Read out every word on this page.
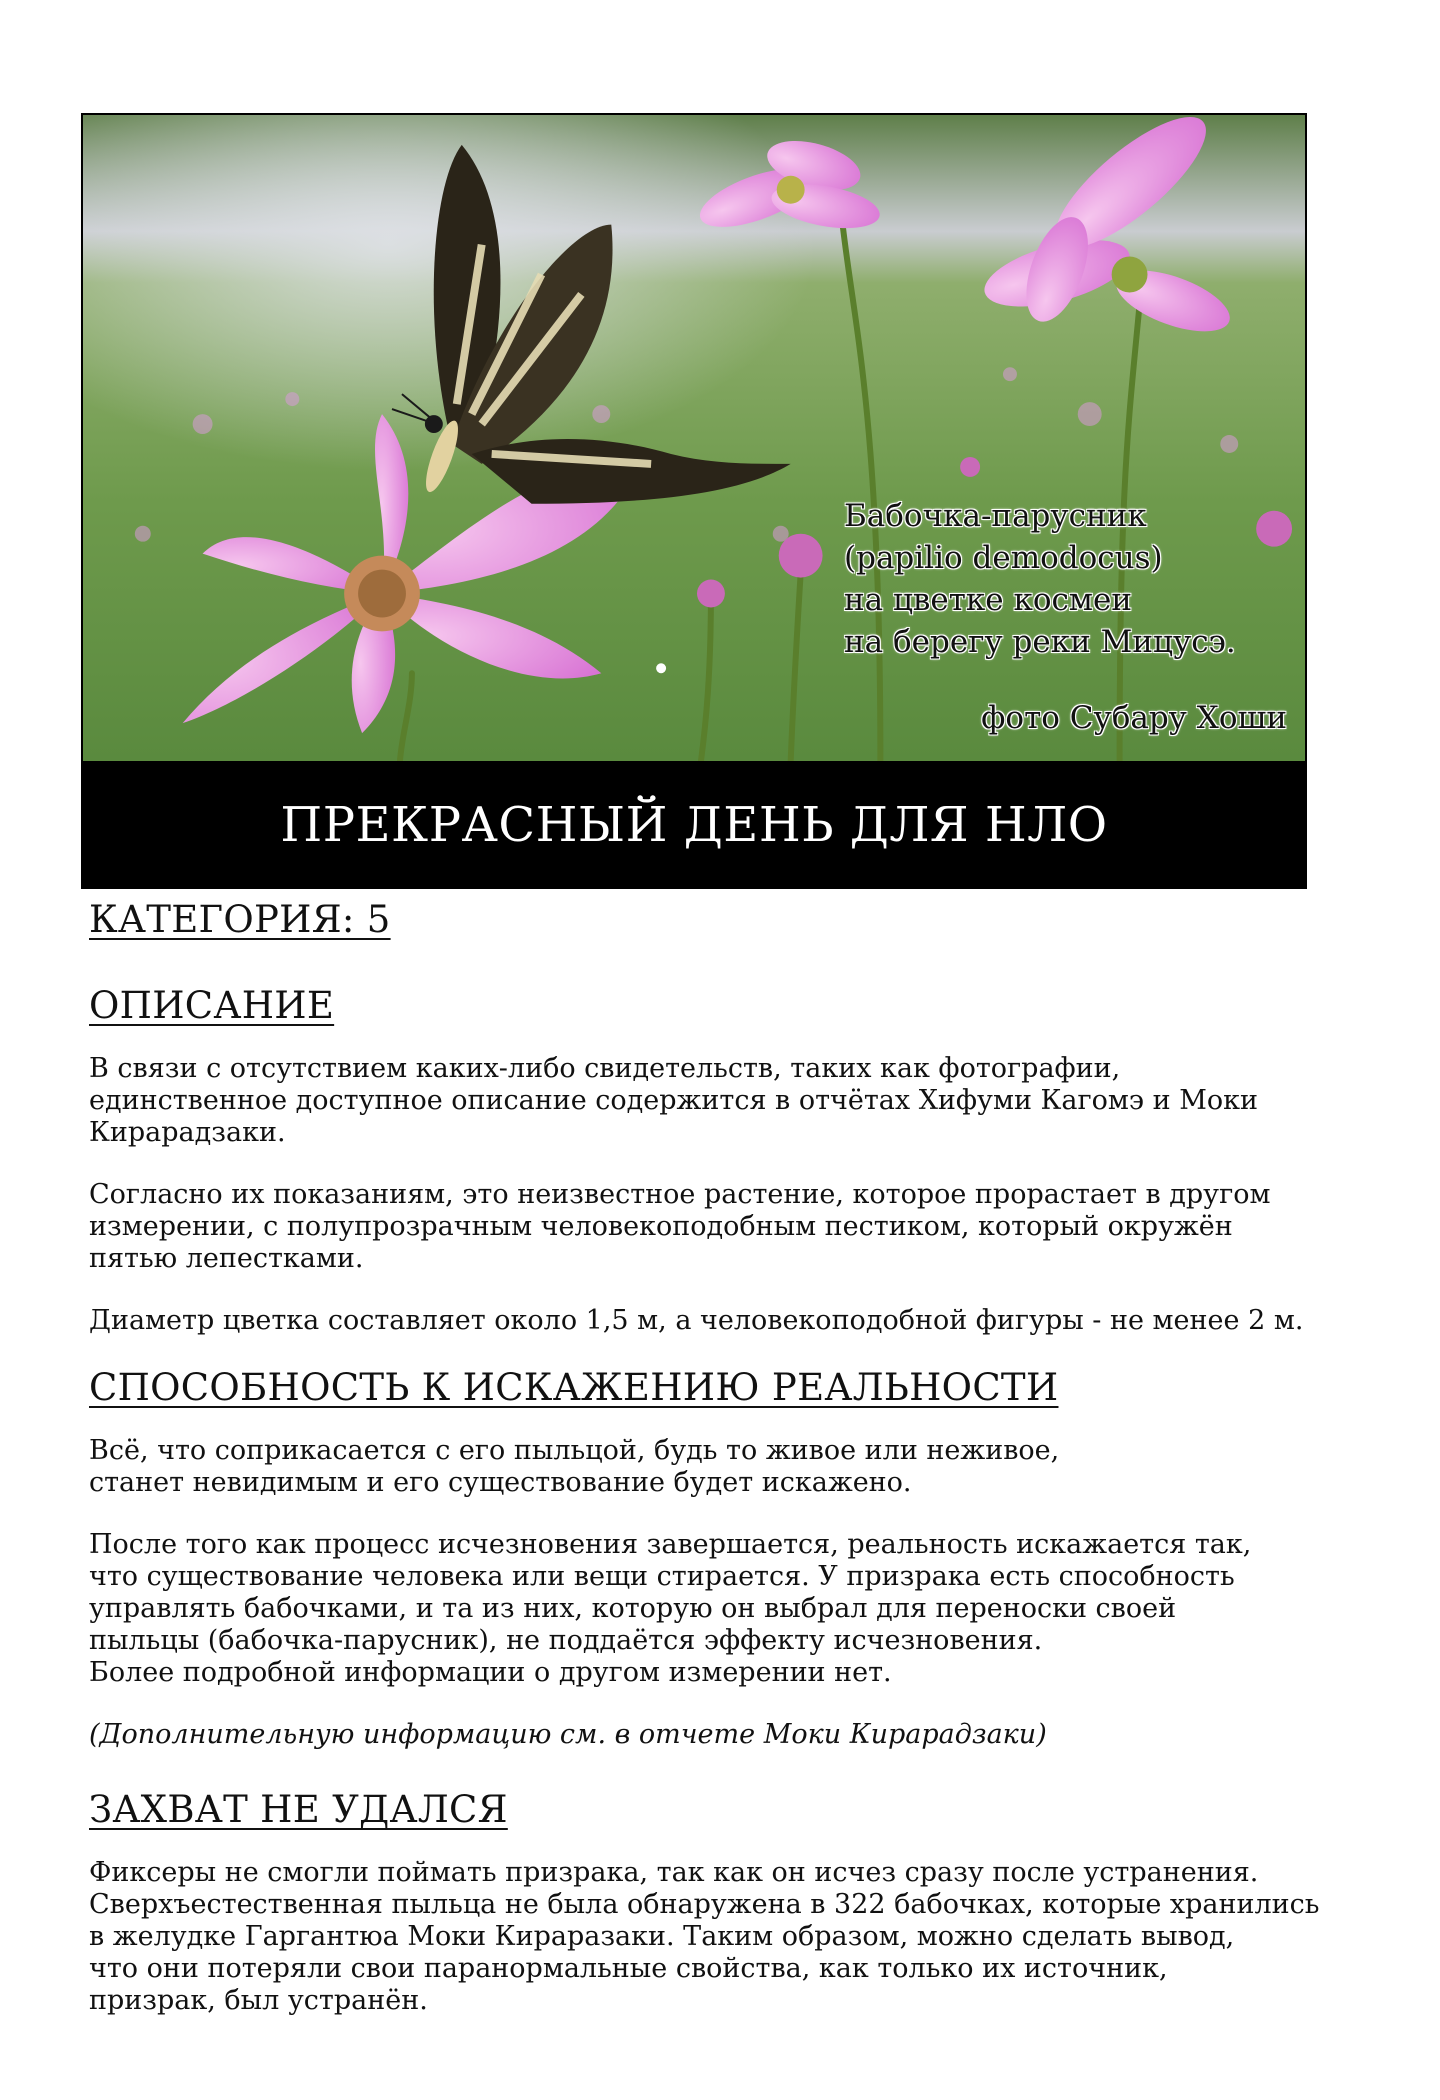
Бабочка-парусник
(papilio demodocus)
на цветке космеи
на берегу реки Мицусэ.
фото Субару Хоши
ПРЕКРАСНЫЙ ДЕНЬ ДЛЯ НЛО
КАТЕГОРИЯ: 5
ОПИСАНИЕ
В связи с отсутствием каких-либо свидетельств, таких как фотографии,
единственное доступное описание содержится в отчётах Хифуми Кагомэ и Моки
Кирарадзаки.
Согласно их показаниям, это неизвестное растение, которое прорастает в другом
измерении, с полупрозрачным человекоподобным пестиком, который окружён
пятью лепестками.
Диаметр цветка составляет около 1,5 м, а человекоподобной фигуры - не менее 2 м.
СПОСОБНОСТЬ К ИСКАЖЕНИЮ РЕАЛЬНОСТИ
Всё, что соприкасается с его пыльцой, будь то живое или неживое,
станет невидимым и его существование будет искажено.
После того как процесс исчезновения завершается, реальность искажается так,
что существование человека или вещи стирается. У призрака есть способность
управлять бабочками, и та из них, которую он выбрал для переноски своей
пыльцы (бабочка-парусник), не поддаётся эффекту исчезновения.
Более подробной информации о другом измерении нет.
(Дополнительную информацию см. в отчете Моки Кирарадзаки)
ЗАХВАТ НЕ УДАЛСЯ
Фиксеры не смогли поймать призрака, так как он исчез сразу после устранения.
Сверхъестественная пыльца не была обнаружена в 322 бабочках, которые хранились
в желудке Гаргантюа Моки Кираразаки. Таким образом, можно сделать вывод,
что они потеряли свои паранормальные свойства, как только их источник,
призрак, был устранён.
